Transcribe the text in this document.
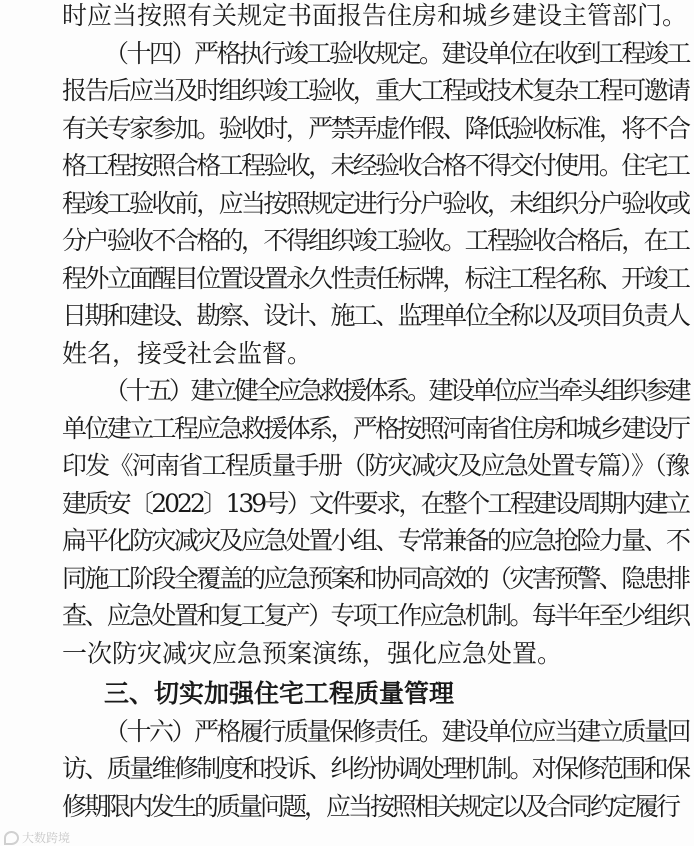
时应当按照有关规定书面报告住房和城乡建设主管部门。
（十四）严格执行竣工验收规定。建设单位在收到工程竣工
报告后应当及时组织竣工验收，重大工程或技术复杂工程可邀请
有关专家参加。验收时，严禁弄虚作假、降低验收标准，将不合
格工程按照合格工程验收，未经验收合格不得交付使用。住宅工
程竣工验收前，应当按照规定进行分户验收，未组织分户验收或
分户验收不合格的，不得组织竣工验收。工程验收合格后，在工
程外立面醒目位置设置永久性责任标牌，标注工程名称、开竣工
日期和建设、勘察、设计、施工、监理单位全称以及项目负责人
姓名，接受社会监督。
（十五）建立健全应急救援体系。建设单位应当牵头组织参建
单位建立工程应急救援体系，严格按照河南省住房和城乡建设厅
印发《河南省工程质量手册（防灾减灾及应急处置专篇）》（豫
建质安〔2022〕139号）文件要求，在整个工程建设周期内建立
扁平化防灾减灾及应急处置小组、专常兼备的应急抢险力量、不
同施工阶段全覆盖的应急预案和协同高效的（灾害预警、隐患排
查、应急处置和复工复产）专项工作应急机制。每半年至少组织
一次防灾减灾应急预案演练，强化应急处置。
三、切实加强住宅工程质量管理
（十六）严格履行质量保修责任。建设单位应当建立质量回
访、质量维修制度和投诉、纠纷协调处理机制。对保修范围和保
修期限内发生的质量问题，应当按照相关规定以及合同约定履行
大数跨境
